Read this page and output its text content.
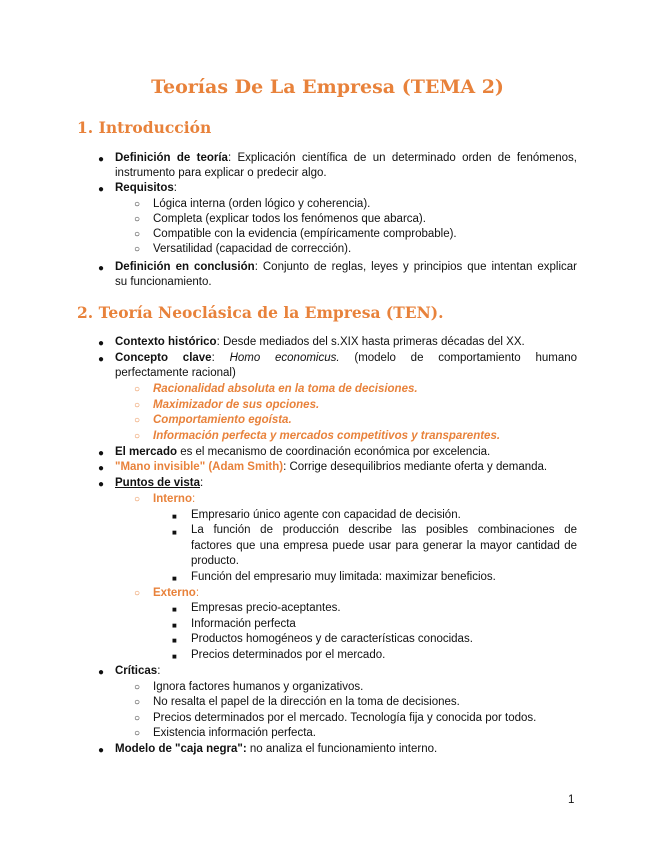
Teorías De La Empresa (TEMA 2)
1. Introducción
● Definición de teoría: Explicación científica de un determinado orden de fenómenos,
instrumento para explicar o predecir algo.
● Requisitos:
○ Lógica interna (orden lógico y coherencia).
○ Completa (explicar todos los fenómenos que abarca).
○ Compatible con la evidencia (empíricamente comprobable).
○ Versatilidad (capacidad de corrección).
● Definición en conclusión: Conjunto de reglas, leyes y principios que intentan explicar
su funcionamiento.
2. Teoría Neoclásica de la Empresa (TEN).
● Contexto histórico: Desde mediados del s.XIX hasta primeras décadas del XX.
● Concepto clave: Homo economicus. (modelo de comportamiento humano
perfectamente racional)
○ Racionalidad absoluta en la toma de decisiones.
○ Maximizador de sus opciones.
○ Comportamiento egoísta.
○ Información perfecta y mercados competitivos y transparentes.
● El mercado es el mecanismo de coordinación económica por excelencia.
● "Mano invisible" (Adam Smith): Corrige desequilibrios mediante oferta y demanda.
● Puntos de vista:
○ Interno:
■ Empresario único agente con capacidad de decisión.
■ La función de producción describe las posibles combinaciones de
factores que una empresa puede usar para generar la mayor cantidad de
producto.
■ Función del empresario muy limitada: maximizar beneficios.
○ Externo:
■ Empresas precio-aceptantes.
■ Información perfecta
■ Productos homogéneos y de características conocidas.
■ Precios determinados por el mercado.
● Críticas:
○ Ignora factores humanos y organizativos.
○ No resalta el papel de la dirección en la toma de decisiones.
○ Precios determinados por el mercado. Tecnología fija y conocida por todos.
○ Existencia información perfecta.
● Modelo de "caja negra": no analiza el funcionamiento interno.
1
